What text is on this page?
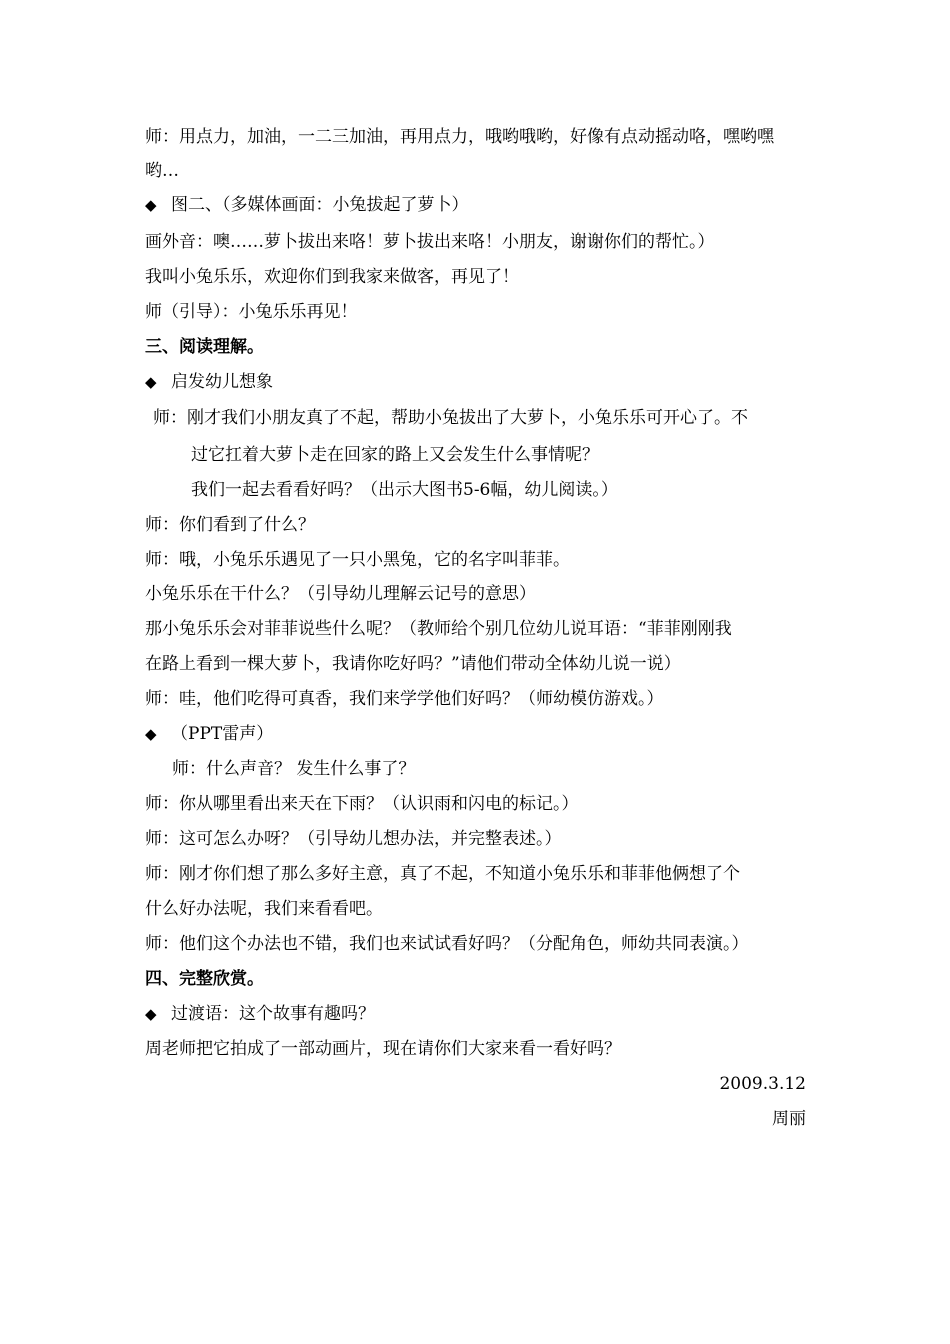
师：用点力，加油，一二三加油，再用点力，哦哟哦哟，好像有点动摇动咯，嘿哟嘿
哟…
◆ 图二、（多媒体画面：小兔拔起了萝卜）
画外音：噢……萝卜拔出来咯！萝卜拔出来咯！小朋友，谢谢你们的帮忙。）
我叫小兔乐乐，欢迎你们到我家来做客，再见了！
师（引导）：小兔乐乐再见！
三、阅读理解。
◆ 启发幼儿想象
师：刚才我们小朋友真了不起，帮助小兔拔出了大萝卜，小兔乐乐可开心了。不
过它扛着大萝卜走在回家的路上又会发生什么事情呢？
我们一起去看看好吗？（出示大图书5-6幅，幼儿阅读。）
师：你们看到了什么？
师：哦，小兔乐乐遇见了一只小黑兔，它的名字叫菲菲。
小兔乐乐在干什么？（引导幼儿理解云记号的意思）
那小兔乐乐会对菲菲说些什么呢？（教师给个别几位幼儿说耳语：“菲菲刚刚我
在路上看到一棵大萝卜，我请你吃好吗？”请他们带动全体幼儿说一说）
师：哇，他们吃得可真香，我们来学学他们好吗？（师幼模仿游戏。）
◆ （PPT雷声）
师：什么声音？ 发生什么事了？
师：你从哪里看出来天在下雨？（认识雨和闪电的标记。）
师：这可怎么办呀？（引导幼儿想办法，并完整表述。）
师：刚才你们想了那么多好主意，真了不起，不知道小兔乐乐和菲菲他俩想了个
什么好办法呢，我们来看看吧。
师：他们这个办法也不错，我们也来试试看好吗？（分配角色，师幼共同表演。）
四、完整欣赏。
◆ 过渡语：这个故事有趣吗？
周老师把它拍成了一部动画片，现在请你们大家来看一看好吗？
2009.3.12
周丽
